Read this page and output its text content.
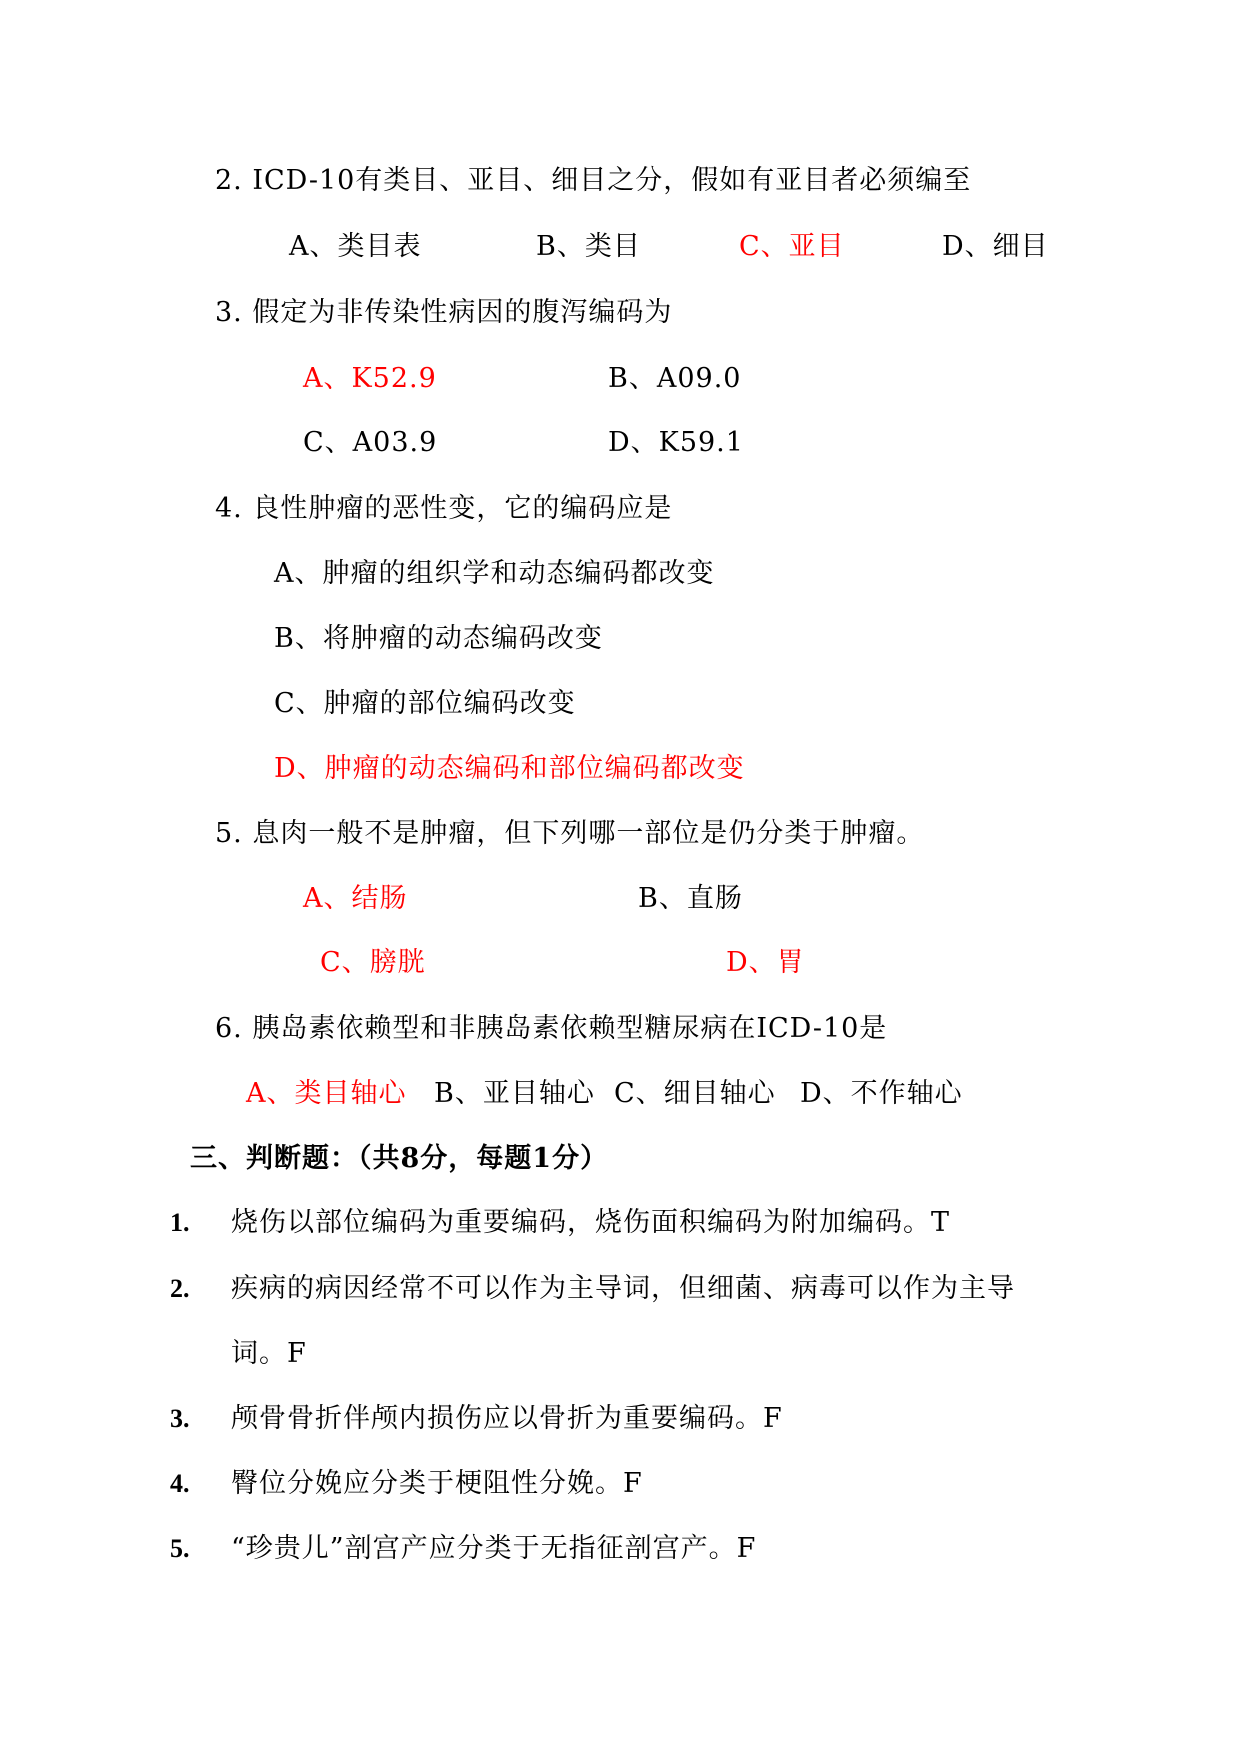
2. ICD-10有类目、亚目、细目之分，假如有亚目者必须编至
A、类目表	B、类目	C、亚目	D、细目
3. 假定为非传染性病因的腹泻编码为
A、K52.9	B、A09.0
C、A03.9	D、K59.1
4. 良性肿瘤的恶性变，它的编码应是
A、肿瘤的组织学和动态编码都改变
B、将肿瘤的动态编码改变
C、肿瘤的部位编码改变
D、肿瘤的动态编码和部位编码都改变
5. 息肉一般不是肿瘤，但下列哪一部位是仍分类于肿瘤。
A、结肠	B、直肠
C、膀胱	D、胃
6. 胰岛素依赖型和非胰岛素依赖型糖尿病在ICD-10是
A、类目轴心 B、亚目轴心 C、细目轴心 D、不作轴心
三、判断题：（共8分，每题1分）
1. 烧伤以部位编码为重要编码，烧伤面积编码为附加编码。T
2. 疾病的病因经常不可以作为主导词，但细菌、病毒可以作为主导
词。F
3. 颅骨骨折伴颅内损伤应以骨折为重要编码。F
4. 臀位分娩应分类于梗阻性分娩。F
5. “珍贵儿”剖宫产应分类于无指征剖宫产。F
